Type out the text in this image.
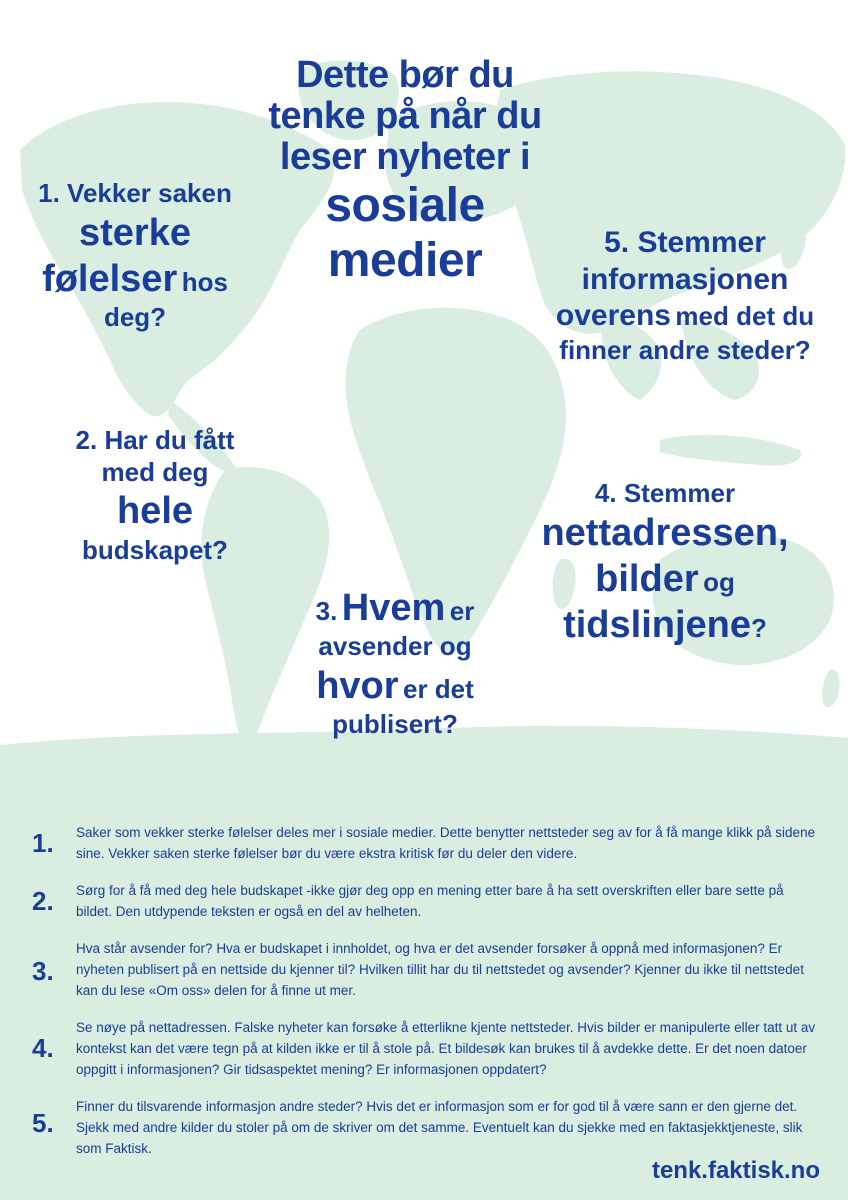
Dette bør du
tenke på når du
leser nyheter i
sosiale
medier
1. Vekker saken
sterke
følelser hos
deg?
2. Har du fått
med deg
hele
budskapet?
3. Hvem er
avsender og
hvor er det
publisert?
4. Stemmer
nettadressen,
bilder og
tidslinjene?
5. Stemmer
informasjonen
overens med det du
finner andre steder?
1.	Saker som vekker sterke følelser deles mer i sosiale medier. Dette benytter nettsteder seg av for å få mange klikk på sidene sine. Vekker saken sterke følelser bør du være ekstra kritisk før du deler den videre.
2.	Sørg for å få med deg hele budskapet -ikke gjør deg opp en mening etter bare å ha sett overskriften eller bare sette på bildet. Den utdypende teksten er også en del av helheten.
3.
Hva står avsender for? Hva er budskapet i innholdet, og hva er det avsender forsøker å oppnå med informasjonen? Er nyheten publisert på en nettside du kjenner til? Hvilken tillit har du til nettstedet og avsender? Kjenner du ikke til nettstedet kan du lese «Om oss» delen for å finne ut mer.
4.
Se nøye på nettadressen. Falske nyheter kan forsøke å etterlikne kjente nettsteder. Hvis bilder er manipulerte eller tatt ut av kontekst kan det være tegn på at kilden ikke er til å stole på. Et bildesøk kan brukes til å avdekke dette. Er det noen datoer oppgitt i informasjonen? Gir tidsaspektet mening? Er informasjonen oppdatert?
5.
Finner du tilsvarende informasjon andre steder? Hvis det er informasjon som er for god til å være sann er den gjerne det. Sjekk med andre kilder du stoler på om de skriver om det samme. Eventuelt kan du sjekke med en faktasjekktjeneste, slik som Faktisk.
tenk.faktisk.no
